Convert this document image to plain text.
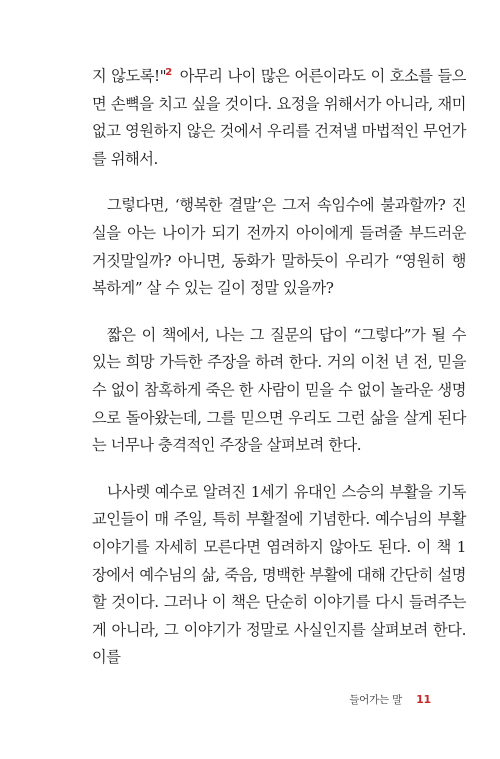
지 않도록!"$^2$ 아무리 나이 많은 어른이라도 이 호소를 들으면 손뼉을 치고 싶을 것이다. 요정을 위해서가 아니라, 재미없고 영원하지 않은 것에서 우리를 건져낼 마법적인 무언가를 위해서.

그렇다면, ‘행복한 결말’은 그저 속임수에 불과할까? 진실을 아는 나이가 되기 전까지 아이에게 들려줄 부드러운 거짓말일까? 아니면, 동화가 말하듯이 우리가 “영원히 행복하게” 살 수 있는 길이 정말 있을까?

짧은 이 책에서, 나는 그 질문의 답이 “그렇다”가 될 수 있는 희망 가득한 주장을 하려 한다. 거의 이천 년 전, 믿을 수 없이 참혹하게 죽은 한 사람이 믿을 수 없이 놀라운 생명으로 돌아왔는데, 그를 믿으면 우리도 그런 삶을 살게 된다는 너무나 충격적인 주장을 살펴보려 한다.

나사렛 예수로 알려진 1세기 유대인 스승의 부활을 기독교인들이 매 주일, 특히 부활절에 기념한다. 예수님의 부활 이야기를 자세히 모른다면 염려하지 않아도 된다. 이 책 1장에서 예수님의 삶, 죽음, 명백한 부활에 대해 간단히 설명할 것이다. 그러나 이 책은 단순히 이야기를 다시 들려주는 게 아니라, 그 이야기가 정말로 사실인지를 살펴보려 한다. 이를

들어가는 말 11
